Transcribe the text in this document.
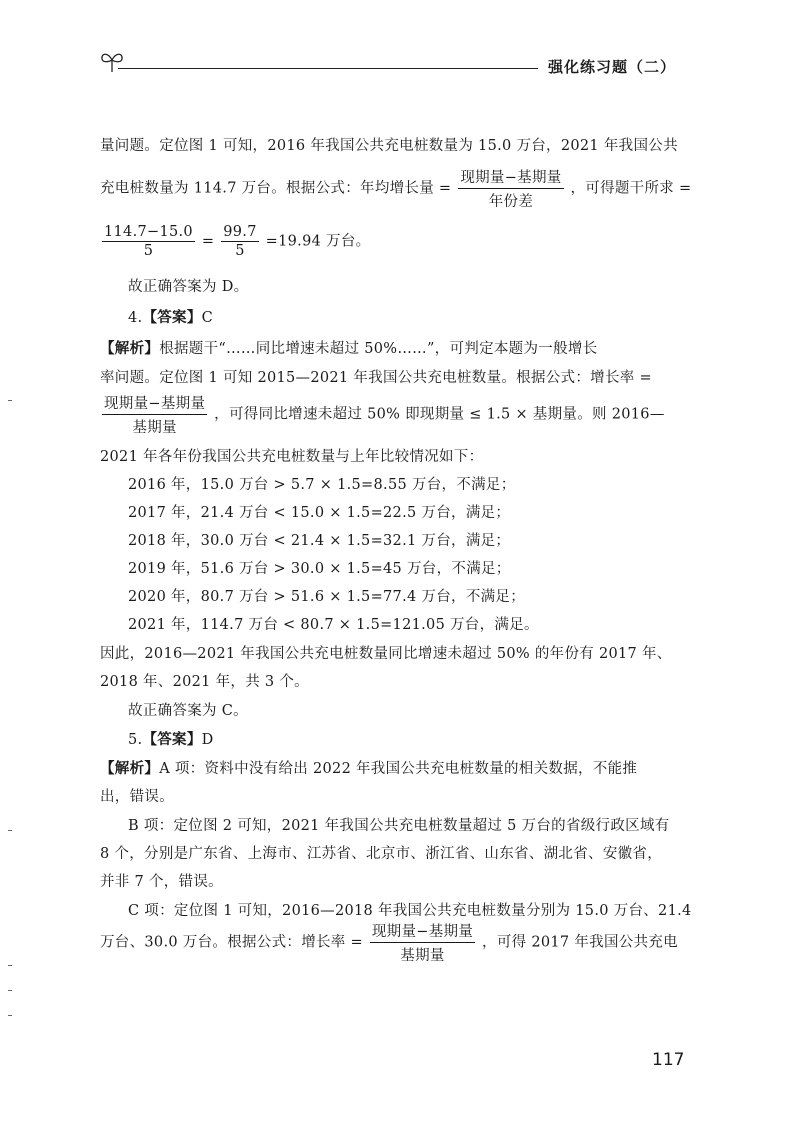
强化练习题（二）
量问题。定位图 1 可知，2016 年我国公共充电桩数量为 15.0 万台，2021 年我国公共
充电桩数量为 114.7 万台。根据公式：年均增长量 = $\frac{\text{现期量−基期量}}{\text{年份差}}$ ，可得题干所求 =
$\frac{114.7-15.0}{5} = \frac{99.7}{5} =19.94$ 万台。
故正确答案为 D。
4.【答案】C
【解析】根据题干“……同比增速未超过 50%……”，可判定本题为一般增长
率问题。定位图 1 可知 2015—2021 年我国公共充电桩数量。根据公式：增长率 =
$\frac{\text{现期量−基期量}}{\text{基期量}}$ ，可得同比增速未超过 50% 即现期量 ≤ 1.5 × 基期量。则 2016—
2021 年各年份我国公共充电桩数量与上年比较情况如下：
2016 年，15.0 万台 > 5.7 × 1.5=8.55 万台，不满足；
2017 年，21.4 万台 < 15.0 × 1.5=22.5 万台，满足；
2018 年，30.0 万台 < 21.4 × 1.5=32.1 万台，满足；
2019 年，51.6 万台 > 30.0 × 1.5=45 万台，不满足；
2020 年，80.7 万台 > 51.6 × 1.5=77.4 万台，不满足；
2021 年，114.7 万台 < 80.7 × 1.5=121.05 万台，满足。
因此，2016—2021 年我国公共充电桩数量同比增速未超过 50% 的年份有 2017 年、
2018 年、2021 年，共 3 个。
故正确答案为 C。
5.【答案】D
【解析】A 项：资料中没有给出 2022 年我国公共充电桩数量的相关数据，不能推
出，错误。
B 项：定位图 2 可知，2021 年我国公共充电桩数量超过 5 万台的省级行政区域有
8 个，分别是广东省、上海市、江苏省、北京市、浙江省、山东省、湖北省、安徽省，
并非 7 个，错误。
C 项：定位图 1 可知，2016—2018 年我国公共充电桩数量分别为 15.0 万台、21.4
万台、30.0 万台。根据公式：增长率 = $\frac{\text{现期量−基期量}}{\text{基期量}}$ ，可得 2017 年我国公共充电
117
